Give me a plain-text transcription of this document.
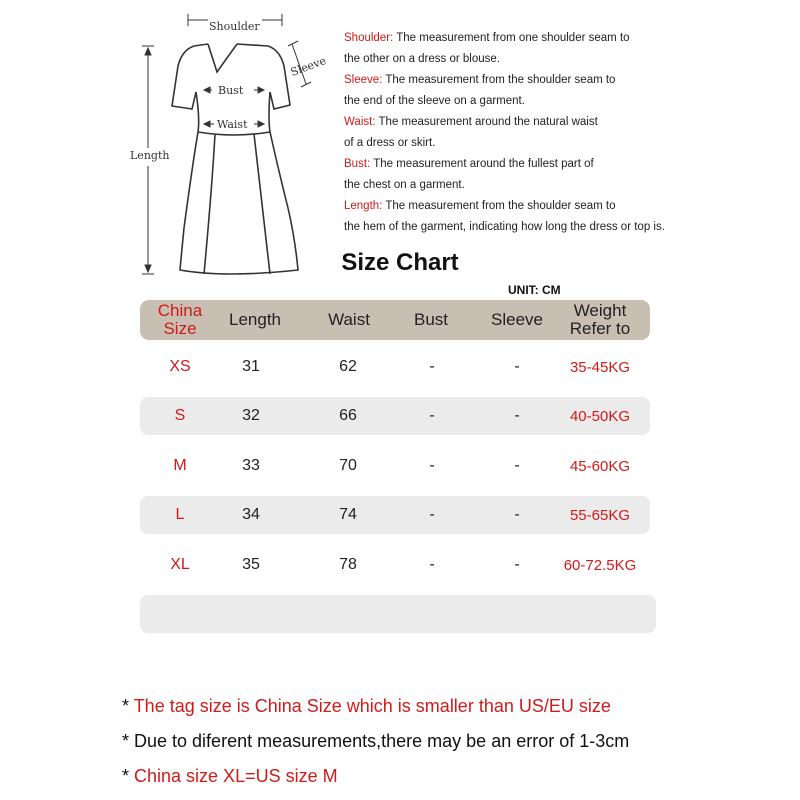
Shoulder
Sleeve
Bust
Waist
Length
Shoulder: The measurement from one shoulder seam to
the other on a dress or blouse.
Sleeve: The measurement from the shoulder seam to
the end of the sleeve on a garment.
Waist: The measurement around the natural waist
of a dress or skirt.
Bust: The measurement around the fullest part of
the chest on a garment.
Length: The measurement from the shoulder seam to
the hem of the garment, indicating how long the dress or top is.
Size Chart
UNIT: CM
China
Size	Length	Waist	Bust	Sleeve	Weight
Refer to
XS	31	62	-	-	35-45KG
S	32	66	-	-	40-50KG
M	33	70	-	-	45-60KG
L	34	74	-	-	55-65KG
XL	35	78	-	-	60-72.5KG
* The tag size is China Size which is smaller than US/EU size
* Due to diferent measurements,there may be an error of 1-3cm
* China size XL=US size M
